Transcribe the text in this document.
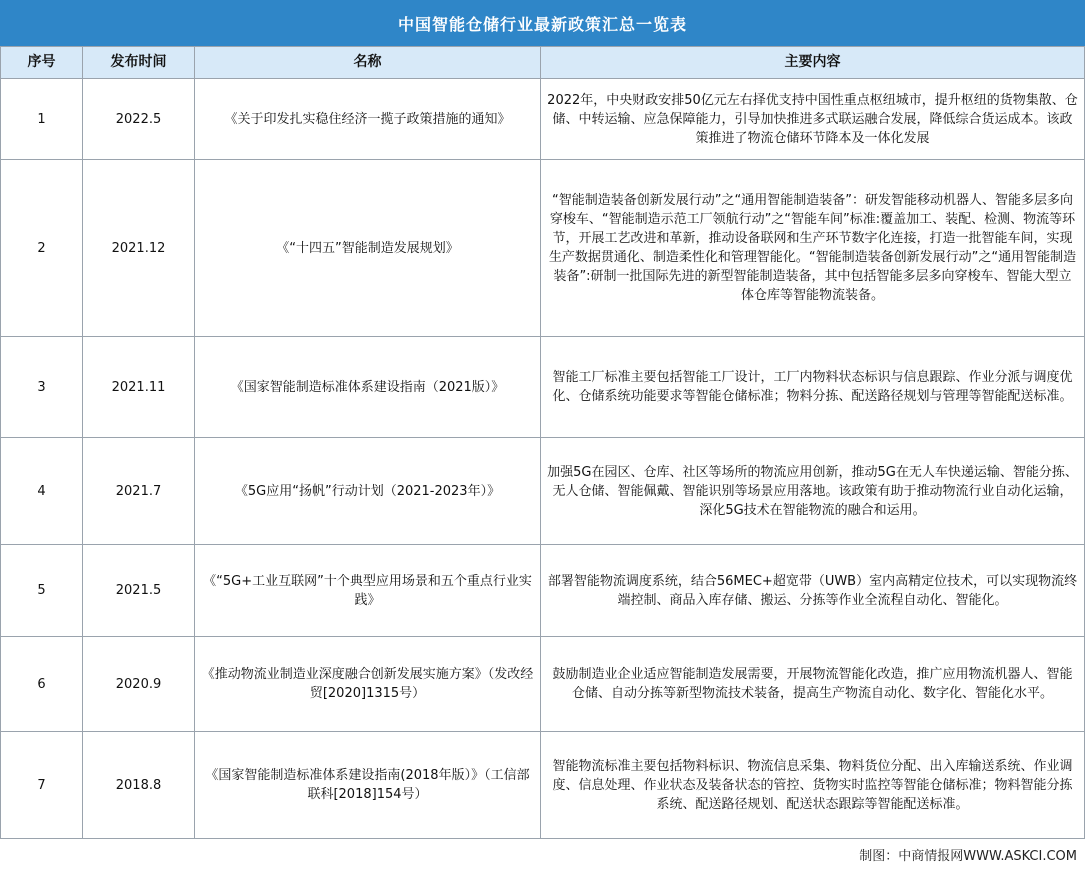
中国智能仓储行业最新政策汇总一览表
序号	发布时间	名称	主要内容
1	2022.5	《关于印发扎实稳住经济一揽子政策措施的通知》	2022年，中央财政安排50亿元左右择优支持中国性重点枢纽城市，提升枢纽的货物集散、仓储、中转运输、应急保障能力，引导加快推进多式联运融合发展，降低综合货运成本。该政策推进了物流仓储环节降本及一体化发展
2	2021.12	《“十四五”智能制造发展规划》	“智能制造装备创新发展行动”之“通用智能制造装备”：研发智能移动机器人、智能多层多向穿梭车、“智能制造示范工厂领航行动”之“智能车间”标准:覆盖加工、装配、检测、物流等环节，开展工艺改进和革新，推动设备联网和生产环节数字化连接，打造一批智能车间，实现生产数据贯通化、制造柔性化和管理智能化。“智能制造装备创新发展行动”之“通用智能制造装备”:研制一批国际先进的新型智能制造装备，其中包括智能多层多向穿梭车、智能大型立体仓库等智能物流装备。
3	2021.11	《国家智能制造标准体系建设指南（2021版）》	智能工厂标准主要包括智能工厂设计，工厂内物料状态标识与信息跟踪、作业分派与调度优化、仓储系统功能要求等智能仓储标准；物料分拣、配送路径规划与管理等智能配送标准。
4	2021.7	《5G应用“扬帆”行动计划（2021-2023年）》	加强5G在园区、仓库、社区等场所的物流应用创新，推动5G在无人车快递运输、智能分拣、无人仓储、智能佩戴、智能识别等场景应用落地。该政策有助于推动物流行业自动化运输，深化5G技术在智能物流的融合和运用。
5	2021.5	《“5G+工业互联网”十个典型应用场景和五个重点行业实践》	部署智能物流调度系统，结合56MEC+超宽带（UWB）室内高精定位技术，可以实现物流终端控制、商品入库存储、搬运、分拣等作业全流程自动化、智能化。
6	2020.9	《推动物流业制造业深度融合创新发展实施方案》（发改经贸[2020]1315号）	鼓励制造业企业适应智能制造发展需要，开展物流智能化改造，推广应用物流机器人、智能仓储、自动分拣等新型物流技术装备，提高生产物流自动化、数字化、智能化水平。
7	2018.8	《国家智能制造标准体系建设指南(2018年版）》（工信部联科[2018]154号）	智能物流标准主要包括物料标识、物流信息采集、物料货位分配、出入库输送系统、作业调度、信息处理、作业状态及装备状态的管控、货物实时监控等智能仓储标准；物料智能分拣系统、配送路径规划、配送状态跟踪等智能配送标准。
制图：中商情报网WWW.ASKCI.COM
